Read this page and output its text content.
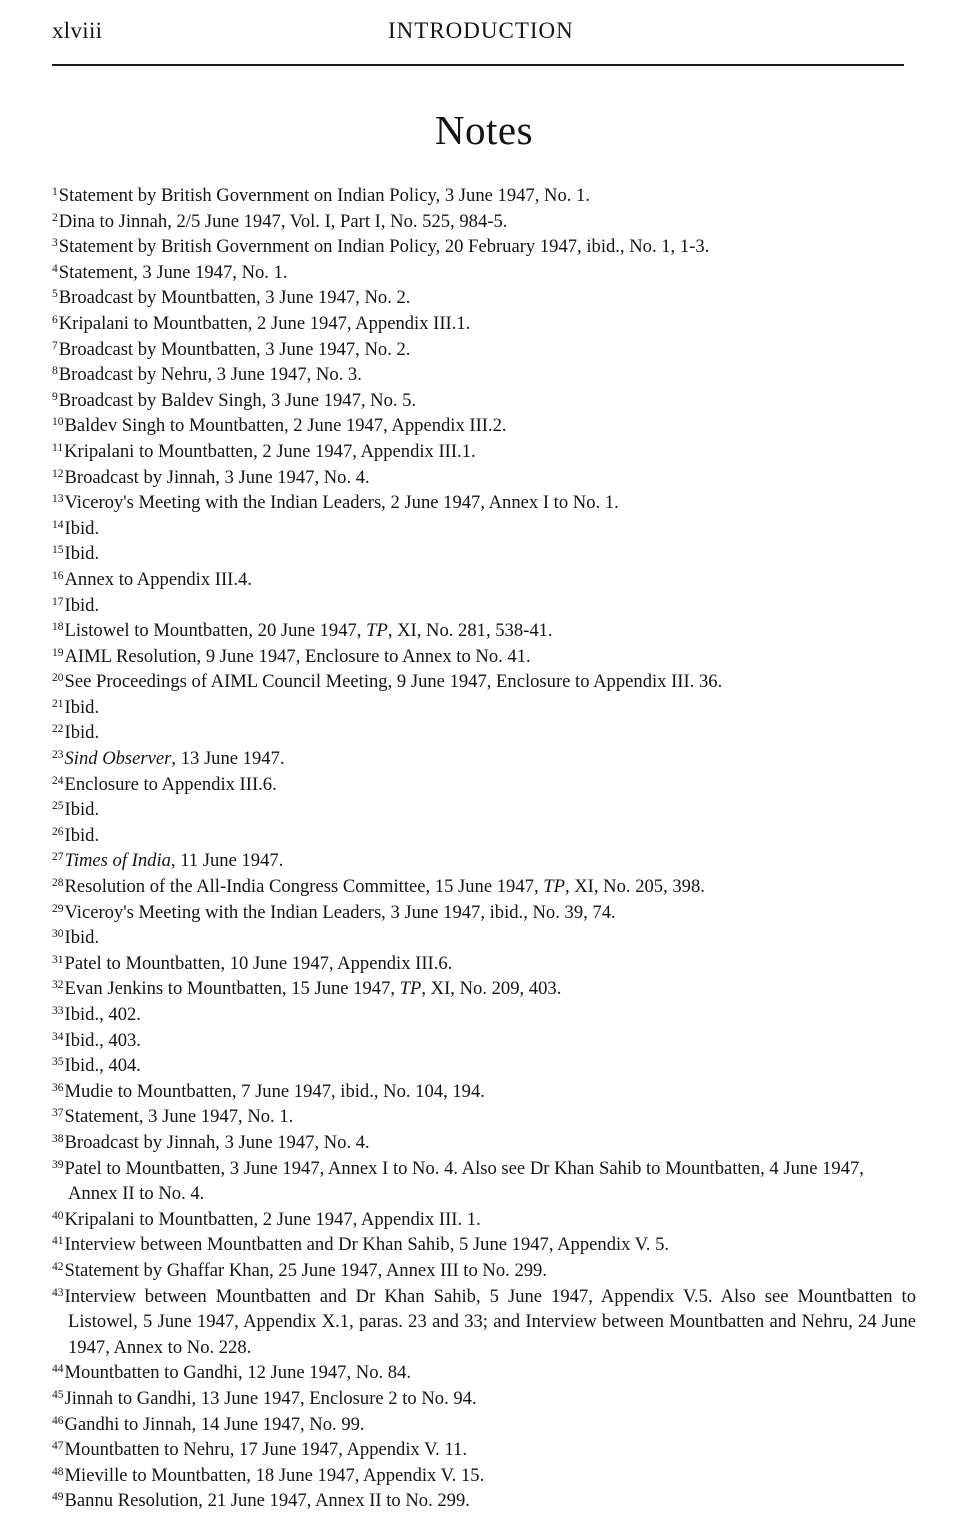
xlviii	INTRODUCTION
Notes
$^1$Statement by British Government on Indian Policy, 3 June 1947, No. 1.
$^2$Dina to Jinnah, 2/5 June 1947, Vol. I, Part I, No. 525, 984-5.
$^3$Statement by British Government on Indian Policy, 20 February 1947, ibid., No. 1, 1-3.
$^4$Statement, 3 June 1947, No. 1.
$^5$Broadcast by Mountbatten, 3 June 1947, No. 2.
$^6$Kripalani to Mountbatten, 2 June 1947, Appendix III.1.
$^7$Broadcast by Mountbatten, 3 June 1947, No. 2.
$^8$Broadcast by Nehru, 3 June 1947, No. 3.
$^9$Broadcast by Baldev Singh, 3 June 1947, No. 5.
$^{10}$Baldev Singh to Mountbatten, 2 June 1947, Appendix III.2.
$^{11}$Kripalani to Mountbatten, 2 June 1947, Appendix III.1.
$^{12}$Broadcast by Jinnah, 3 June 1947, No. 4.
$^{13}$Viceroy's Meeting with the Indian Leaders, 2 June 1947, Annex I to No. 1.
$^{14}$Ibid.
$^{15}$Ibid.
$^{16}$Annex to Appendix III.4.
$^{17}$Ibid.
$^{18}$Listowel to Mountbatten, 20 June 1947, TP, XI, No. 281, 538-41.
$^{19}$AIML Resolution, 9 June 1947, Enclosure to Annex to No. 41.
$^{20}$See Proceedings of AIML Council Meeting, 9 June 1947, Enclosure to Appendix III. 36.
$^{21}$Ibid.
$^{22}$Ibid.
$^{23}$Sind Observer, 13 June 1947.
$^{24}$Enclosure to Appendix III.6.
$^{25}$Ibid.
$^{26}$Ibid.
$^{27}$Times of India, 11 June 1947.
$^{28}$Resolution of the All-India Congress Committee, 15 June 1947, TP, XI, No. 205, 398.
$^{29}$Viceroy's Meeting with the Indian Leaders, 3 June 1947, ibid., No. 39, 74.
$^{30}$Ibid.
$^{31}$Patel to Mountbatten, 10 June 1947, Appendix III.6.
$^{32}$Evan Jenkins to Mountbatten, 15 June 1947, TP, XI, No. 209, 403.
$^{33}$Ibid., 402.
$^{34}$Ibid., 403.
$^{35}$Ibid., 404.
$^{36}$Mudie to Mountbatten, 7 June 1947, ibid., No. 104, 194.
$^{37}$Statement, 3 June 1947, No. 1.
$^{38}$Broadcast by Jinnah, 3 June 1947, No. 4.
$^{39}$Patel to Mountbatten, 3 June 1947, Annex I to No. 4. Also see Dr Khan Sahib to Mountbatten, 4 June 1947, Annex II to No. 4.
$^{40}$Kripalani to Mountbatten, 2 June 1947, Appendix III. 1.
$^{41}$Interview between Mountbatten and Dr Khan Sahib, 5 June 1947, Appendix V. 5.
$^{42}$Statement by Ghaffar Khan, 25 June 1947, Annex III to No. 299.
$^{43}$Interview between Mountbatten and Dr Khan Sahib, 5 June 1947, Appendix V.5. Also see Mountbatten to Listowel, 5 June 1947, Appendix X.1, paras. 23 and 33; and Interview between Mountbatten and Nehru, 24 June 1947, Annex to No. 228.
$^{44}$Mountbatten to Gandhi, 12 June 1947, No. 84.
$^{45}$Jinnah to Gandhi, 13 June 1947, Enclosure 2 to No. 94.
$^{46}$Gandhi to Jinnah, 14 June 1947, No. 99.
$^{47}$Mountbatten to Nehru, 17 June 1947, Appendix V. 11.
$^{48}$Mieville to Mountbatten, 18 June 1947, Appendix V. 15.
$^{49}$Bannu Resolution, 21 June 1947, Annex II to No. 299.
